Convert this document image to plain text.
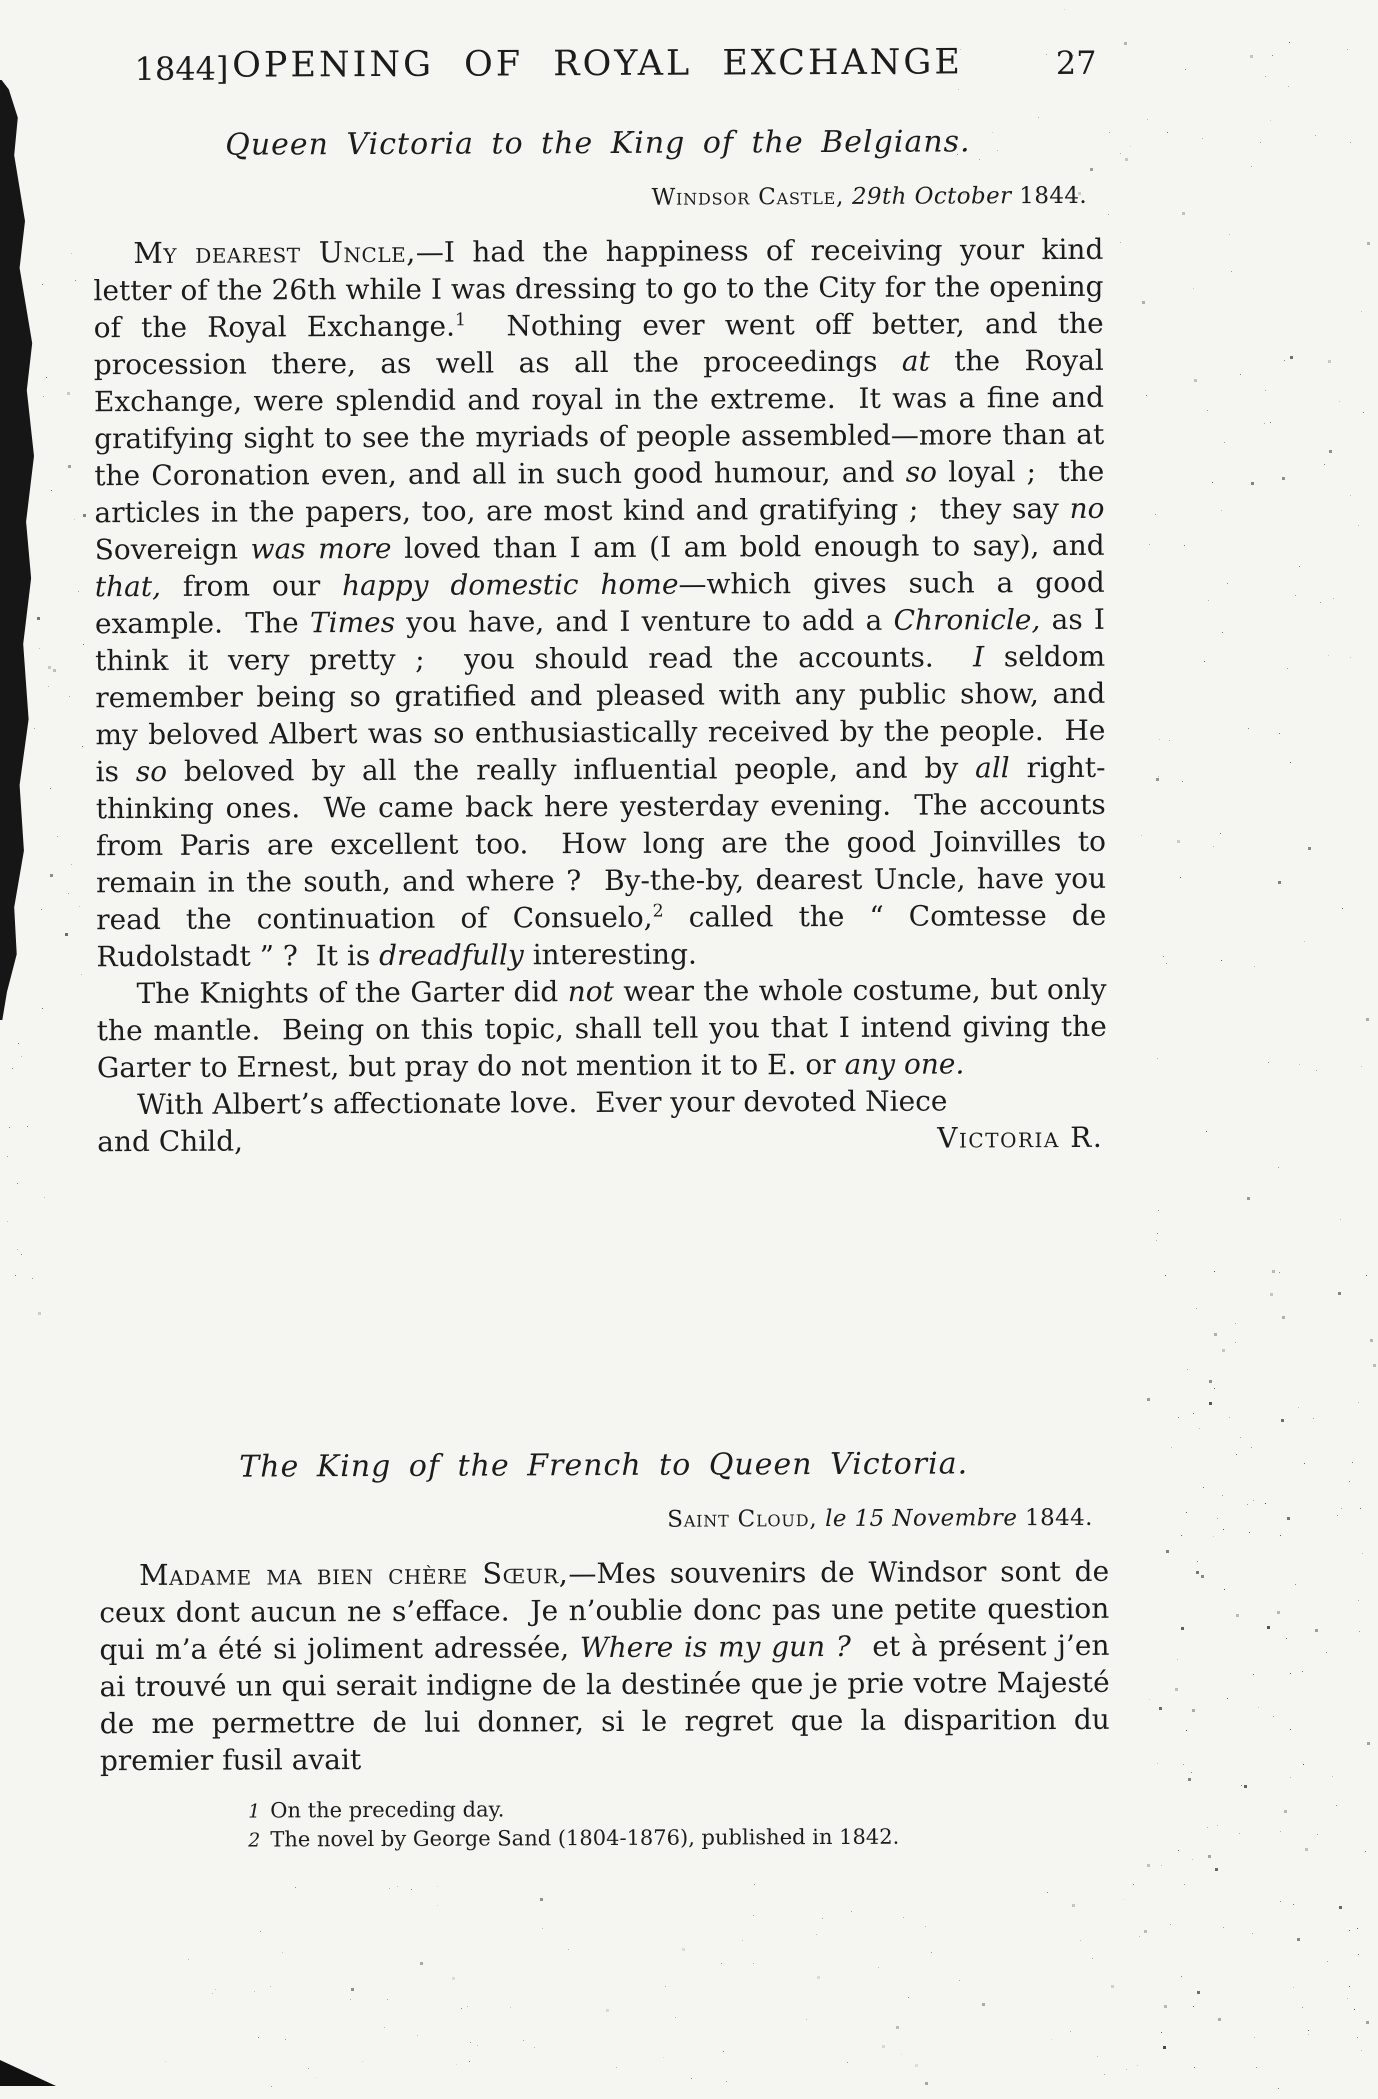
1844] OPENING OF ROYAL EXCHANGE	27
Queen Victoria to the King of the Belgians.
Windsor Castle, 29th October 1844.

My dearest Uncle,—I had the happiness of receiving your kind letter of the 26th while I was dressing to go to the City for the opening of the Royal Exchange.$^1$  Nothing ever went off better, and the procession there, as well as all the proceedings at the Royal Exchange, were splendid and royal in the extreme.  It was a fine and gratifying sight to see the myriads of people assembled—more than at the Coronation even, and all in such good humour, and so loyal ;  the articles in the papers, too, are most kind and gratifying ;  they say no Sovereign was more loved than I am (I am bold enough to say), and that, from our happy domestic home—which gives such a good example.  The Times you have, and I venture to add a Chronicle, as I think it very pretty ;  you should read the accounts.  I seldom remember being so gratified and pleased with any public show, and my beloved Albert was so enthusiastically received by the people.  He is so beloved by all the really influential people, and by all right-thinking ones.  We came back here yesterday evening.  The accounts from Paris are excellent too.  How long are the good Joinvilles to remain in the south, and where ?  By-the-by, dearest Uncle, have you read the continuation of Consuelo,$^2$ called the “ Comtesse de Rudolstadt ” ?  It is dreadfully interesting.

The Knights of the Garter did not wear the whole costume, but only the mantle.  Being on this topic, shall tell you that I intend giving the Garter to Ernest, but pray do not mention it to E. or any one.

With Albert’s affectionate love.  Ever your devoted Niece

and Child,	Victoria R.
The King of the French to Queen Victoria.
Saint Cloud, le 15 Novembre 1844.

Madame ma bien chère Sœur,—Mes souvenirs de Windsor sont de ceux dont aucun ne s’efface.  Je n’oublie donc pas une petite question qui m’a été si joliment adressée, Where is my gun ?  et à présent j’en ai trouvé un qui serait indigne de la destinée que je prie votre Majesté de me permettre de lui donner, si le regret que la disparition du premier fusil avait

1 On the preceding day.
2 The novel by George Sand (1804-1876), published in 1842.
